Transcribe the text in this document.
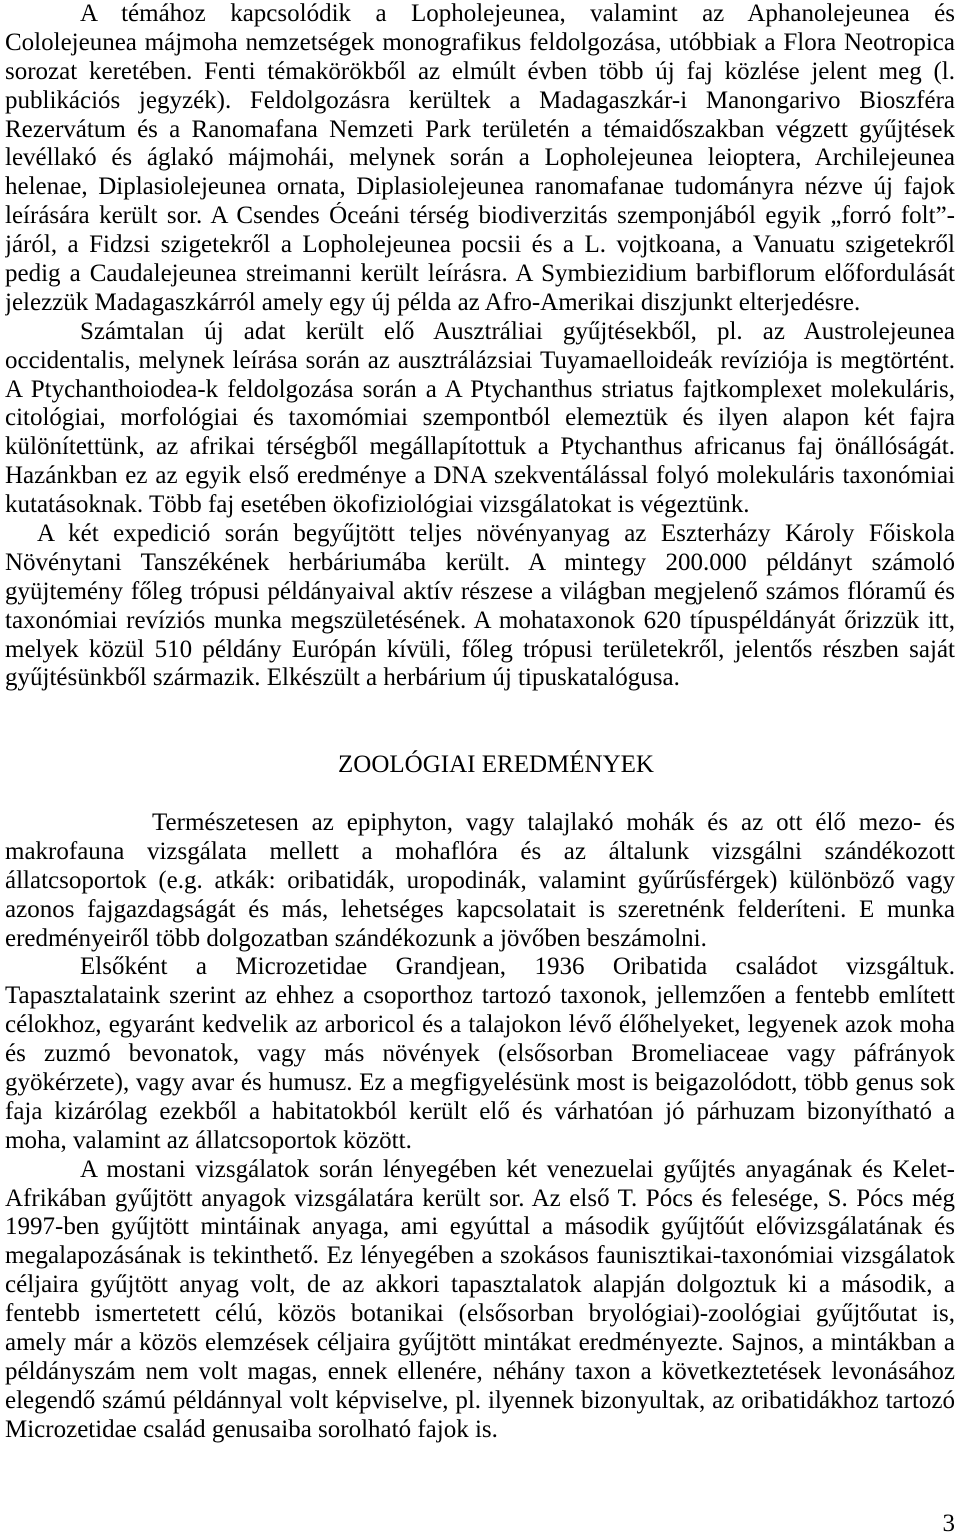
A témához kapcsolódik a Lopholejeunea, valamint az Aphanolejeunea és
Cololejeunea májmoha nemzetségek monografikus feldolgozása, utóbbiak a Flora Neotropica
sorozat keretében. Fenti témakörökből az elmúlt évben több új faj közlése jelent meg (l.
publikációs jegyzék). Feldolgozásra kerültek a Madagaszkár-i Manongarivo Bioszféra
Rezervátum és a Ranomafana Nemzeti Park területén a témaidőszakban végzett gyűjtések
levéllakó és áglakó májmohái, melynek során a Lopholejeunea leioptera, Archilejeunea
helenae, Diplasiolejeunea ornata, Diplasiolejeunea ranomafanae tudományra nézve új fajok
leírására került sor. A Csendes Óceáni térség biodiverzitás szemponjából egyik „forró folt”-
járól, a Fidzsi szigetekről a Lopholejeunea pocsii és a L. vojtkoana, a Vanuatu szigetekről
pedig a Caudalejeunea streimanni került leírásra. A Symbiezidium barbiflorum előfordulását
jelezzük Madagaszkárról amely egy új példa az Afro-Amerikai diszjunkt elterjedésre.
Számtalan új adat került elő Ausztráliai gyűjtésekből, pl. az Austrolejeunea
occidentalis, melynek leírása során az ausztrálázsiai Tuyamaelloideák revíziója is megtörtént.
A Ptychanthoiodea-k feldolgozása során a A Ptychanthus striatus fajtkomplexet molekuláris,
citológiai, morfológiai és taxomómiai szempontból elemeztük és ilyen alapon két fajra
különítettünk, az afrikai térségből megállapítottuk a Ptychanthus africanus faj önállóságát.
Hazánkban ez az egyik első eredménye a DNA szekventálással folyó molekuláris taxonómiai
kutatásoknak. Több faj esetében ökofiziológiai vizsgálatokat is végeztünk.
A két expedició során begyűjtött teljes növényanyag az Eszterházy Károly Főiskola
Növénytani Tanszékének herbáriumába került. A mintegy 200.000 példányt számoló
gyüjtemény főleg trópusi példányaival aktív részese a világban megjelenő számos flóramű és
taxonómiai revíziós munka megszületésének. A mohataxonok 620 típuspéldányát őrizzük itt,
melyek közül 510 példány Európán kívüli, főleg trópusi területekről, jelentős részben saját
gyűjtésünkből származik. Elkészült a herbárium új tipuskatalógusa.
ZOOLÓGIAI EREDMÉNYEK
Természetesen az epiphyton, vagy talajlakó mohák és az ott élő mezo- és
makrofauna vizsgálata mellett a mohaflóra és az általunk vizsgálni szándékozott
állatcsoportok (e.g. atkák: oribatidák, uropodinák, valamint gyűrűsférgek) különböző vagy
azonos fajgazdagságát és más, lehetséges kapcsolatait is szeretnénk felderíteni. E munka
eredményeiről több dolgozatban szándékozunk a jövőben beszámolni.
Elsőként a Microzetidae Grandjean, 1936 Oribatida családot vizsgáltuk.
Tapasztalataink szerint az ehhez a csoporthoz tartozó taxonok, jellemzően a fentebb említett
célokhoz, egyaránt kedvelik az arboricol és a talajokon lévő élőhelyeket, legyenek azok moha
és zuzmó bevonatok, vagy más növények (elsősorban Bromeliaceae vagy páfrányok
gyökérzete), vagy avar és humusz. Ez a megfigyelésünk most is beigazolódott, több genus sok
faja kizárólag ezekből a habitatokból került elő és várhatóan jó párhuzam bizonyítható a
moha, valamint az állatcsoportok között.
A mostani vizsgálatok során lényegében két venezuelai gyűjtés anyagának és Kelet-
Afrikában gyűjtött anyagok vizsgálatára került sor. Az első T. Pócs és felesége, S. Pócs még
1997-ben gyűjtött mintáinak anyaga, ami egyúttal a második gyűjtőút elővizsgálatának és
megalapozásának is tekinthető. Ez lényegében a szokásos faunisztikai-taxonómiai vizsgálatok
céljaira gyűjtött anyag volt, de az akkori tapasztalatok alapján dolgoztuk ki a második, a
fentebb ismertetett célú, közös botanikai (elsősorban bryológiai)-zoológiai gyűjtőutat is,
amely már a közös elemzések céljaira gyűjtött mintákat eredményezte. Sajnos, a mintákban a
példányszám nem volt magas, ennek ellenére, néhány taxon a következtetések levonásához
elegendő számú példánnyal volt képviselve, pl. ilyennek bizonyultak, az oribatidákhoz tartozó
Microzetidae család genusaiba sorolható fajok is.
3
